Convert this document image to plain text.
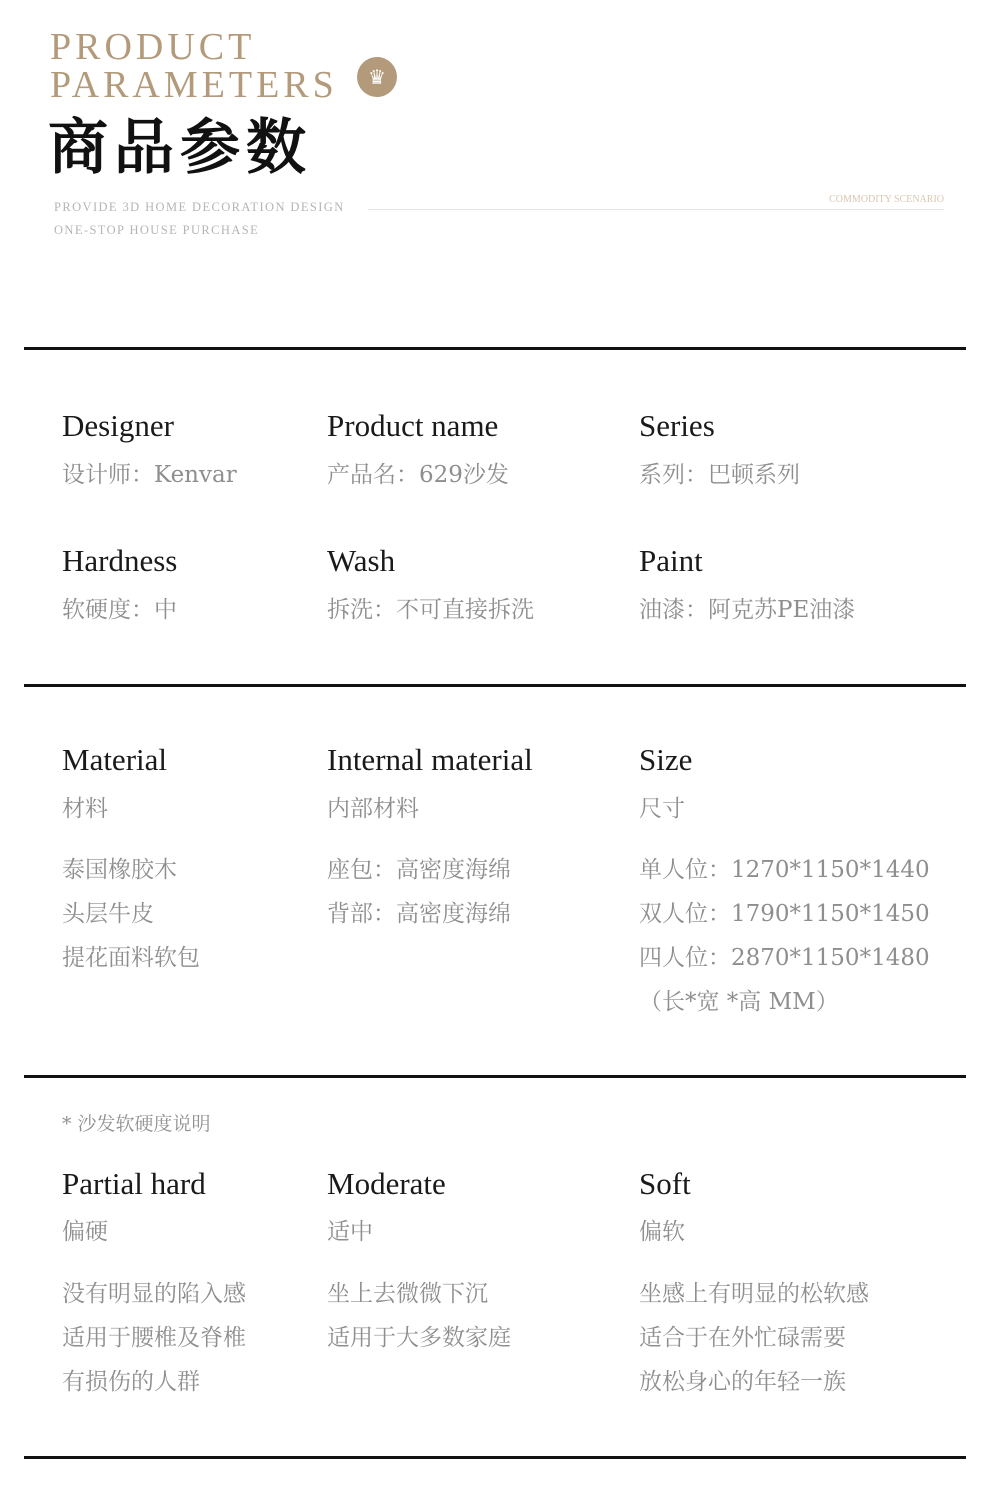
PRODUCT
PARAMETERS	♛
商品参数
PROVIDE 3D HOME DECORATION DESIGN
ONE-STOP HOUSE PURCHASE
COMMODITY SCENARIO
Designer
设计师：Kenvar
Product name
产品名：629沙发
Series
系列：巴顿系列
Hardness
软硬度：中
Wash
拆洗：不可直接拆洗
Paint
油漆：阿克苏PE油漆
Material
材料
泰国橡胶木
头层牛皮
提花面料软包
Internal material
内部材料
座包：高密度海绵
背部：高密度海绵
Size
尺寸
单人位：1270*1150*1440
双人位：1790*1150*1450
四人位：2870*1150*1480
（长*宽 *高 MM）
* 沙发软硬度说明
Partial hard
偏硬
没有明显的陷入感
适用于腰椎及脊椎
有损伤的人群
Moderate
适中
坐上去微微下沉
适用于大多数家庭
Soft
偏软
坐感上有明显的松软感
适合于在外忙碌需要
放松身心的年轻一族
